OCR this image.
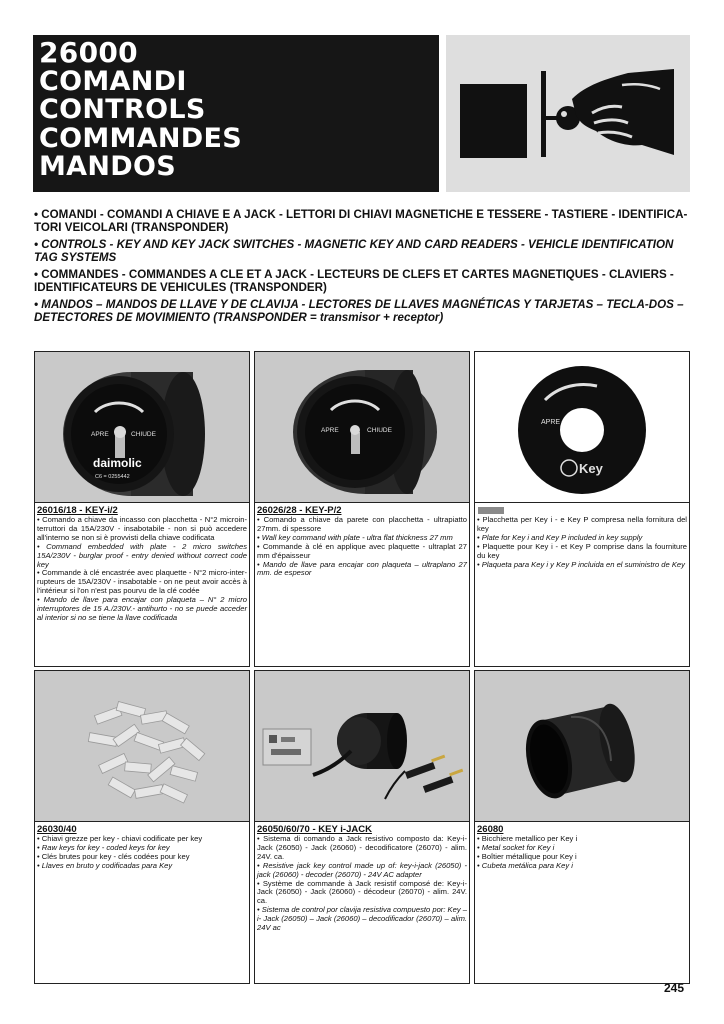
26000
COMANDI
CONTROLS
COMMANDES
MANDOS

• COMANDI - COMANDI A CHIAVE E A JACK - LETTORI DI CHIAVI MAGNETICHE E TESSERE - TASTIERE - IDENTIFICA-TORI VEICOLARI (TRANSPONDER)

• CONTROLS - KEY AND KEY JACK SWITCHES - MAGNETIC KEY AND CARD READERS - VEHICLE IDENTIFICATION TAG SYSTEMS

• COMMANDES - COMMANDES A CLE ET A JACK - LECTEURS DE CLEFS ET CARTES MAGNETIQUES - CLAVIERS - IDENTIFICATEURS DE VEHICULES (TRANSPONDER)

• MANDOS – MANDOS DE LLAVE Y DE CLAVIJA - LECTORES DE LLAVES MAGNÉTICAS Y TARJETAS – TECLA-DOS – DETECTORES DE MOVIMIENTO (TRANSPONDER = transmisor + receptor)

APRE	CHIUDE
daimolic
C6 = 0255442
26016/18 - KEY-i/2
• Comando a chiave da incasso con placchetta - N°2 microin-terruttori da 15A/230V - insabotabile - non si può accedere all'interno se non si è provvisti della chiave codificata
• Command embedded with plate - 2 micro switches 15A/230V - burglar proof - entry denied without correct code key
• Commande à clé encastrée avec plaquette - N°2 micro-inter-rupteurs de 15A/230V - insabotable - on ne peut avoir accès à l'intérieur si l'on n'est pas pourvu de la clé codée
• Mando de llave para encajar con plaqueta – N° 2 micro interruptores de 15 A./230V.- antihurto - no se puede acceder al interior si no se tiene la llave codificada
APRE	CHIUDE
26026/28 - KEY-P/2
• Comando a chiave da parete con placchetta - ultrapiatto 27mm. di spessore
• Wall key command with plate - ultra flat thickness 27 mm
• Commande à clé en applique avec plaquette - ultraplat 27 mm d'épaisseur
• Mando de llave para encajar con plaqueta – ultraplano 27 mm. de espesor
APRE
Key
• Placchetta per Key i - e Key P compresa nella fornitura del key
• Plate for Key i and Key P included in key supply
• Plaquette pour Key i - et Key P comprise dans la fourniture du key
• Plaqueta para Key i y Key P incluida en el suministro de Key
26030/40
• Chiavi grezze per key - chiavi codificate per key
• Raw keys for key - coded keys for key
• Clés brutes pour key - clés codées pour key
• Llaves en bruto y codificadas para Key
26050/60/70 - KEY i-JACK
• Sistema di comando a Jack resistivo composto da: Key-i-Jack (26050) - Jack (26060) - decodificatore (26070) - alim. 24V. ca.
• Resistive jack key control made up of: key-i-jack (26050) - jack (26060) - decoder (26070) - 24V AC adapter
• Système de commande à Jack resistif composé de: Key-i-Jack (26050) - Jack (26060) - décodeur (26070) - alim. 24V. ca.
• Sistema de control por clavija resistiva compuesto por: Key –i- Jack (26050) – Jack (26060) – decodificador (26070) – alim. 24V ac
26080
• Bicchiere metallico per Key i
• Metal socket for Key i
• Boîtier métallique pour Key i
• Cubeta metálica para Key i
245
